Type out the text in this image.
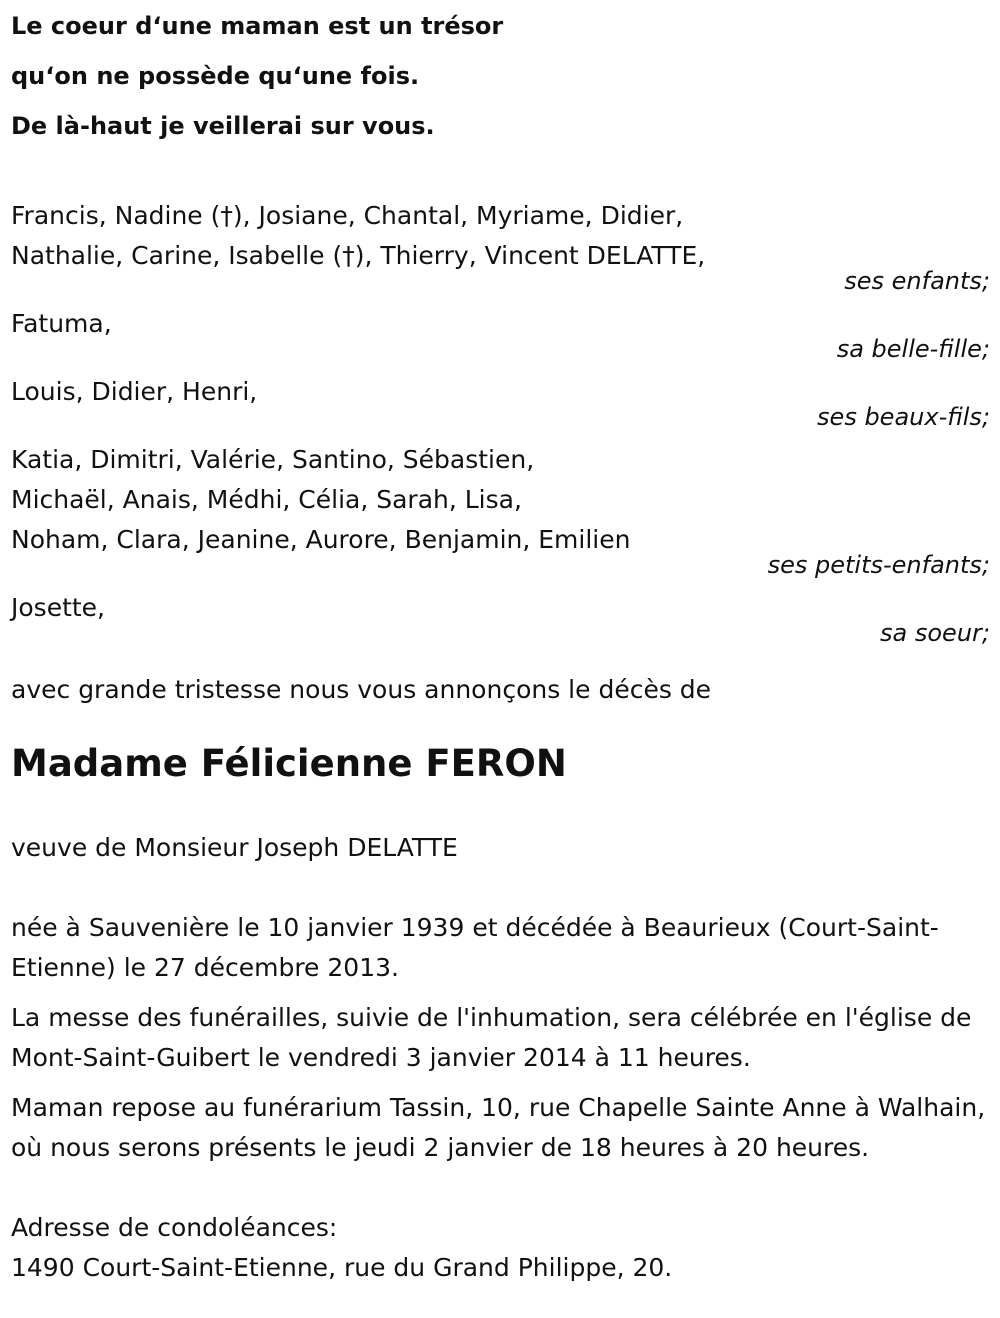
Le coeur d‘une maman est un trésor

qu‘on ne possède qu‘une fois.

De là-haut je veillerai sur vous.

Francis, Nadine (†), Josiane, Chantal, Myriame, Didier,

Nathalie, Carine, Isabelle (†), Thierry, Vincent DELATTE,

ses enfants;

Fatuma,

sa belle-fille;

Louis, Didier, Henri,

ses beaux-fils;

Katia, Dimitri, Valérie, Santino, Sébastien,

Michaël, Anais, Médhi, Célia, Sarah, Lisa,

Noham, Clara, Jeanine, Aurore, Benjamin, Emilien

ses petits-enfants;

Josette,

sa soeur;

avec grande tristesse nous vous annonçons le décès de

Madame Félicienne FERON

veuve de Monsieur Joseph DELATTE

née à Sauvenière le 10 janvier 1939 et décédée à Beaurieux (Court-Saint-Etienne) le 27 décembre 2013.

La messe des funérailles, suivie de l'inhumation, sera célébrée en l'église de Mont-Saint-Guibert le vendredi 3 janvier 2014 à 11 heures.

Maman repose au funérarium Tassin, 10, rue Chapelle Sainte Anne à Walhain, où nous serons présents le jeudi 2 janvier de 18 heures à 20 heures.

Adresse de condoléances:

1490 Court-Saint-Etienne, rue du Grand Philippe, 20.
